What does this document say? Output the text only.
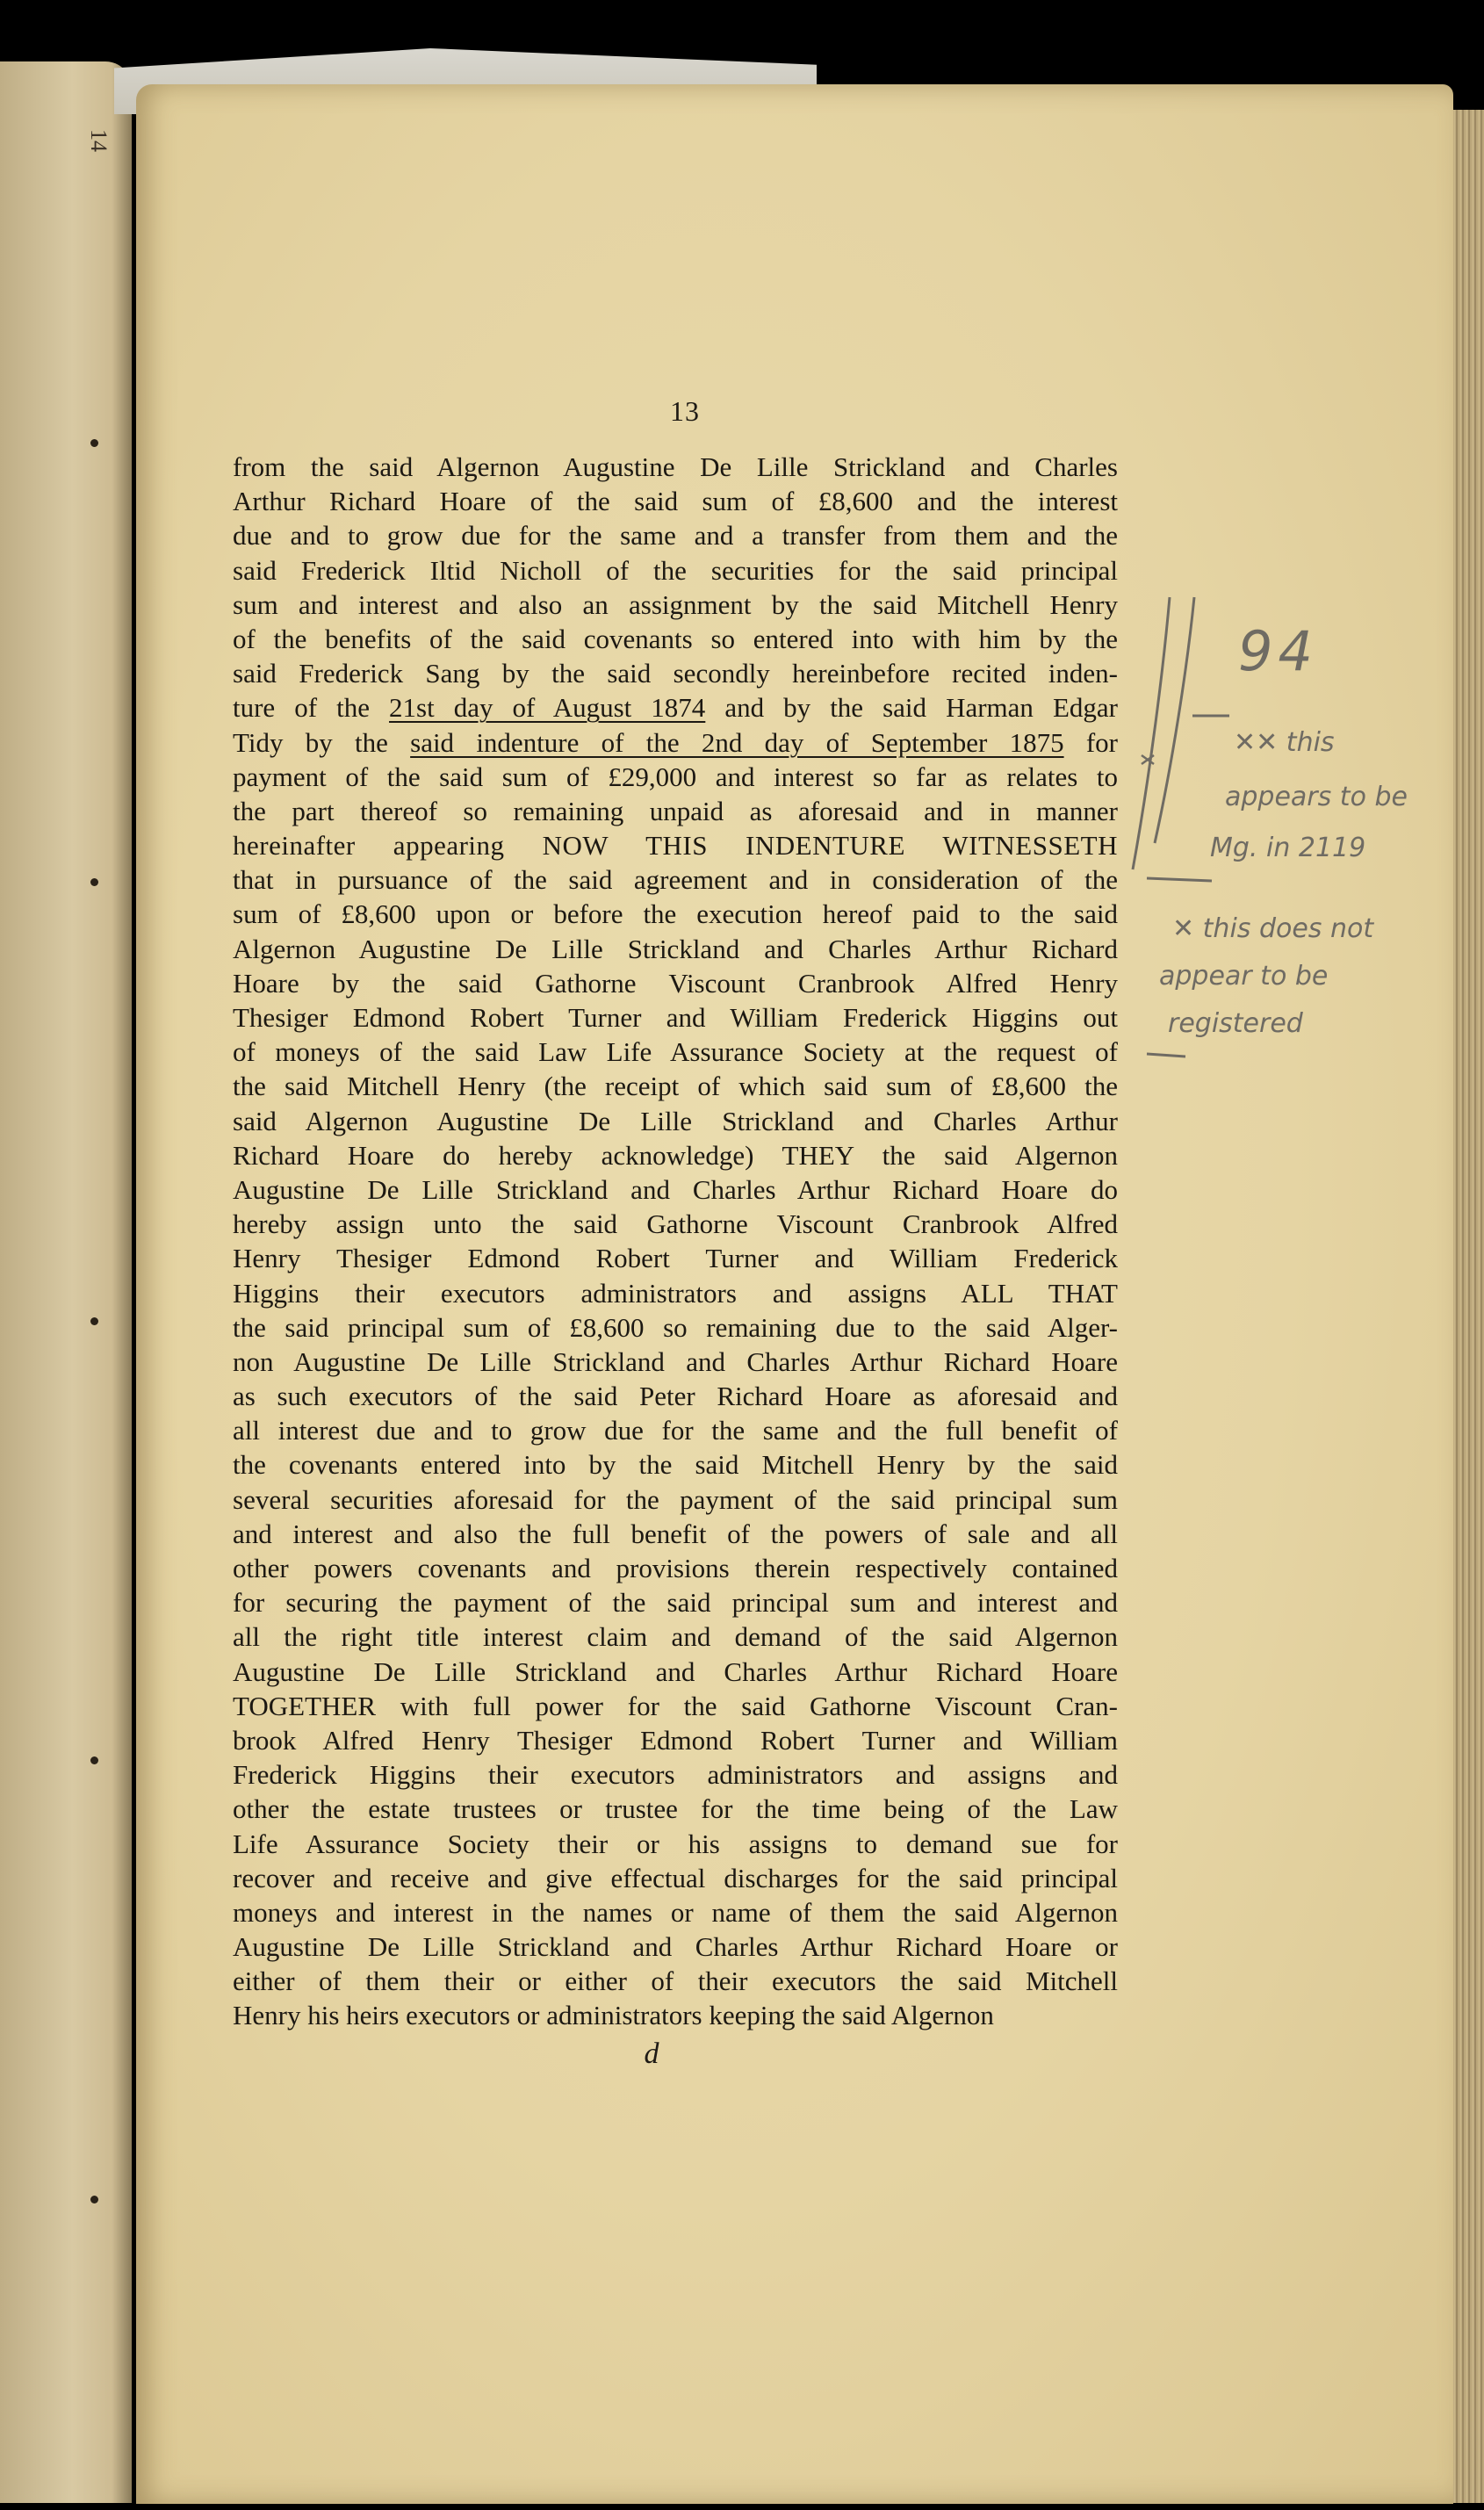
14
13
from the said Algernon Augustine De Lille Strickland and Charles
Arthur Richard Hoare of the said sum of £8,600 and the interest
due and to grow due for the same and a transfer from them and the
said Frederick Iltid Nicholl of the securities for the said principal
sum and interest and also an assignment by the said Mitchell Henry
of the benefits of the said covenants so entered into with him by the
said Frederick Sang by the said secondly hereinbefore recited inden-
ture of the 21st day of August 1874 and by the said Harman Edgar
Tidy by the said indenture of the 2nd day of September 1875 for
payment of the said sum of £29,000 and interest so far as relates to
the part thereof so remaining unpaid as aforesaid and in manner
hereinafter appearing NOW THIS INDENTURE WITNESSETH
that in pursuance of the said agreement and in consideration of the
sum of £8,600 upon or before the execution hereof paid to the said
Algernon Augustine De Lille Strickland and Charles Arthur Richard
Hoare by the said Gathorne Viscount Cranbrook Alfred Henry
Thesiger Edmond Robert Turner and William Frederick Higgins out
of moneys of the said Law Life Assurance Society at the request of
the said Mitchell Henry (the receipt of which said sum of £8,600 the
said Algernon Augustine De Lille Strickland and Charles Arthur
Richard Hoare do hereby acknowledge) THEY the said Algernon
Augustine De Lille Strickland and Charles Arthur Richard Hoare do
hereby assign unto the said Gathorne Viscount Cranbrook Alfred
Henry Thesiger Edmond Robert Turner and William Frederick
Higgins their executors administrators and assigns ALL THAT
the said principal sum of £8,600 so remaining due to the said Alger-
non Augustine De Lille Strickland and Charles Arthur Richard Hoare
as such executors of the said Peter Richard Hoare as aforesaid and
all interest due and to grow due for the same and the full benefit of
the covenants entered into by the said Mitchell Henry by the said
several securities aforesaid for the payment of the said principal sum
and interest and also the full benefit of the powers of sale and all
other powers covenants and provisions therein respectively contained
for securing the payment of the said principal sum and interest and
all the right title interest claim and demand of the said Algernon
Augustine De Lille Strickland and Charles Arthur Richard Hoare
TOGETHER with full power for the said Gathorne Viscount Cran-
brook Alfred Henry Thesiger Edmond Robert Turner and William
Frederick Higgins their executors administrators and assigns and
other the estate trustees or trustee for the time being of the Law
Life Assurance Society their or his assigns to demand sue for
recover and receive and give effectual discharges for the said principal
moneys and interest in the names or name of them the said Algernon
Augustine De Lille Strickland and Charles Arthur Richard Hoare or
either of them their or either of their executors the said Mitchell
Henry his heirs executors or administrators keeping the said Algernon
d
94
✕✕ this
appears to be
Mg. in 2119
✕ this does not
appear to be
registered
